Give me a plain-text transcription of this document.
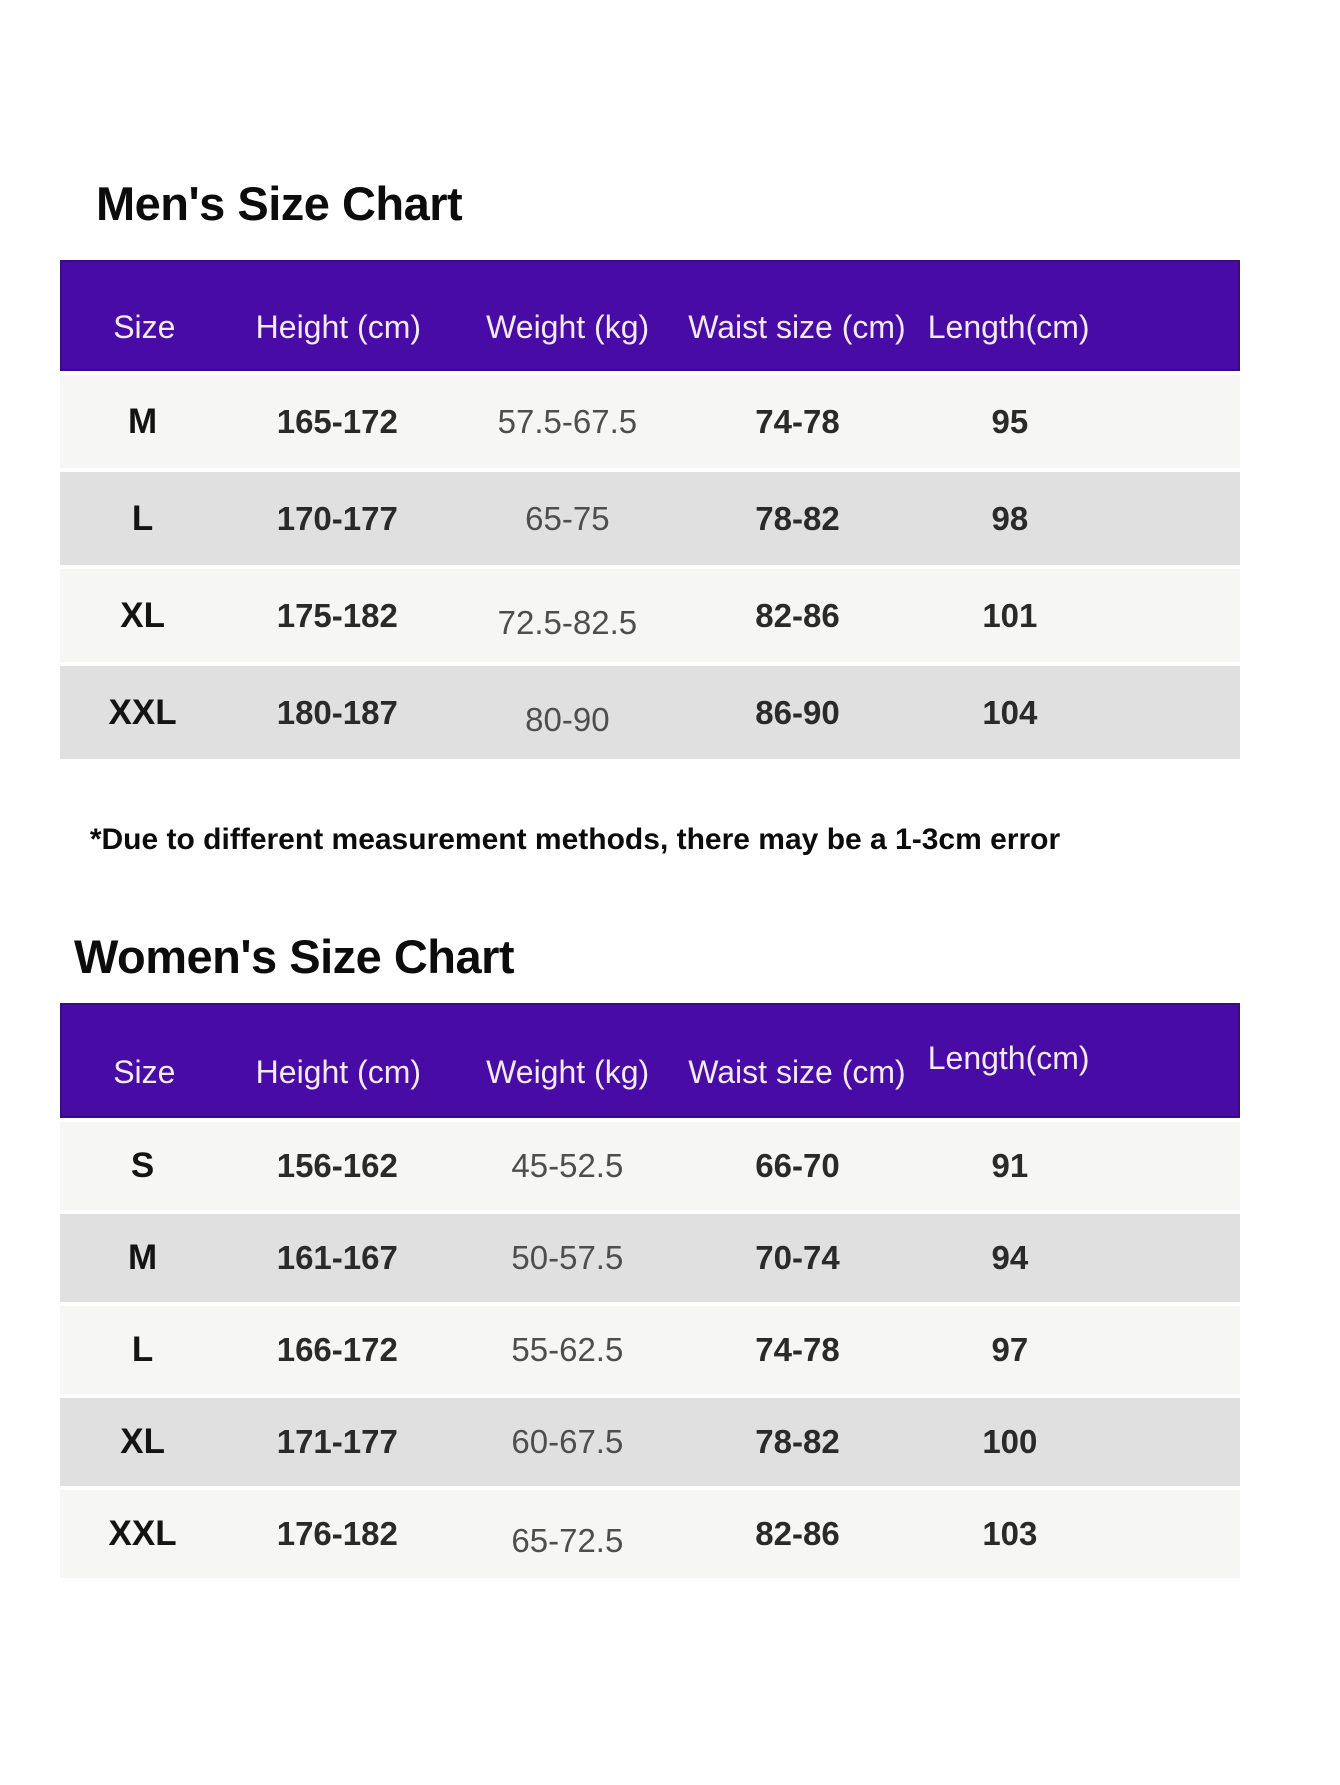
Men's Size Chart
Size	Height (cm)	Weight (kg)	Waist size (cm) Length(cm)
M	165-172	57.5-67.5	74-78	95
L	170-177	65-75	78-82	98
XL	175-182	72.5-82.5	82-86	101
XXL	180-187	80-90	86-90	104

*Due to different measurement methods, there may be a 1-3cm error

Women's Size Chart
Size	Height (cm)	Weight (kg)	Waist size (cm) Length(cm)
S	156-162	45-52.5	66-70	91
M	161-167	50-57.5	70-74	94
L	166-172	55-62.5	74-78	97
XL	171-177	60-67.5	78-82	100
XXL	176-182	65-72.5	82-86	103
